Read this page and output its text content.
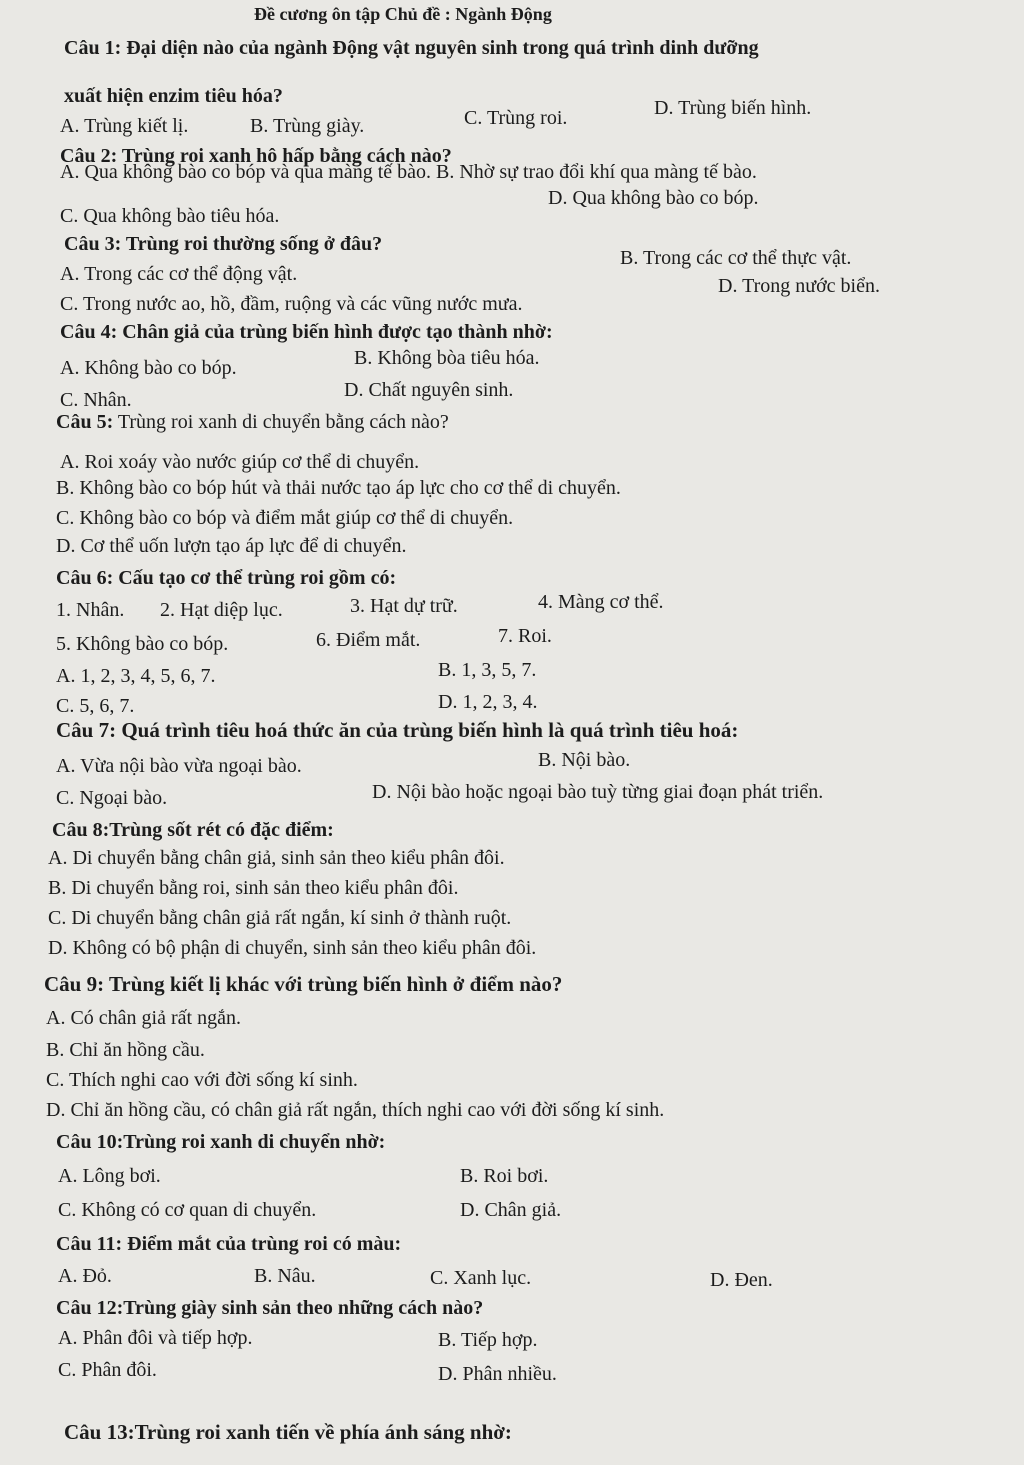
Đề cương ôn tập Chủ đề : Ngành Động
Câu 1: Đại diện nào của ngành Động vật nguyên sinh trong quá trình dinh dưỡng
xuất hiện enzim tiêu hóa?
A. Trùng kiết lị.	B. Trùng giày.	C. Trùng roi.	D. Trùng biến hình.
Câu 2: Trùng roi xanh hô hấp bằng cách nào?
A. Qua không bào co bóp và qua màng tế bào. B. Nhờ sự trao đổi khí qua màng tế bào.
C. Qua không bào tiêu hóa.
D. Qua không bào co bóp.
Câu 3: Trùng roi thường sống ở đâu?
A. Trong các cơ thể động vật.
B. Trong các cơ thể thực vật.
C. Trong nước ao, hồ, đầm, ruộng và các vũng nước mưa.
D. Trong nước biển.
Câu 4: Chân giả của trùng biến hình được tạo thành nhờ:
A. Không bào co bóp.	B. Không bòa tiêu hóa.
C. Nhân.	D. Chất nguyên sinh.
Câu 5: Trùng roi xanh di chuyển bằng cách nào?
A. Roi xoáy vào nước giúp cơ thể di chuyển.
B. Không bào co bóp hút và thải nước tạo áp lực cho cơ thể di chuyển.
C. Không bào co bóp và điểm mắt giúp cơ thể di chuyển.
D. Cơ thể uốn lượn tạo áp lực để di chuyển.
Câu 6: Cấu tạo cơ thể trùng roi gồm có:
1. Nhân. 2. Hạt diệp lục.	3. Hạt dự trữ.	4. Màng cơ thể.
5. Không bào co bóp.	6. Điểm mắt.	7. Roi.
A. 1, 2, 3, 4, 5, 6, 7.	B. 1, 3, 5, 7.
C. 5, 6, 7.	D. 1, 2, 3, 4.
Câu 7: Quá trình tiêu hoá thức ăn của trùng biến hình là quá trình tiêu hoá:
A. Vừa nội bào vừa ngoại bào.	B. Nội bào.
C. Ngoại bào.	D. Nội bào hoặc ngoại bào tuỳ từng giai đoạn phát triển.
Câu 8:Trùng sốt rét có đặc điểm:
A. Di chuyển bằng chân giả, sinh sản theo kiểu phân đôi.
B. Di chuyển bằng roi, sinh sản theo kiểu phân đôi.
C. Di chuyển bằng chân giả rất ngắn, kí sinh ở thành ruột.
D. Không có bộ phận di chuyển, sinh sản theo kiểu phân đôi.
Câu 9: Trùng kiết lị khác với trùng biến hình ở điểm nào?
A. Có chân giả rất ngắn.
B. Chỉ ăn hồng cầu.
C. Thích nghi cao với đời sống kí sinh.
D. Chỉ ăn hồng cầu, có chân giả rất ngắn, thích nghi cao với đời sống kí sinh.
Câu 10:Trùng roi xanh di chuyển nhờ:
A. Lông bơi.	B. Roi bơi.
C. Không có cơ quan di chuyển.	D. Chân giả.
Câu 11: Điểm mắt của trùng roi có màu:
A. Đỏ.	B. Nâu.	C. Xanh lục.	D. Đen.
Câu 12:Trùng giày sinh sản theo những cách nào?
A. Phân đôi và tiếp hợp.	B. Tiếp hợp.
C. Phân đôi.	D. Phân nhiều.
Câu 13:Trùng roi xanh tiến về phía ánh sáng nhờ:
